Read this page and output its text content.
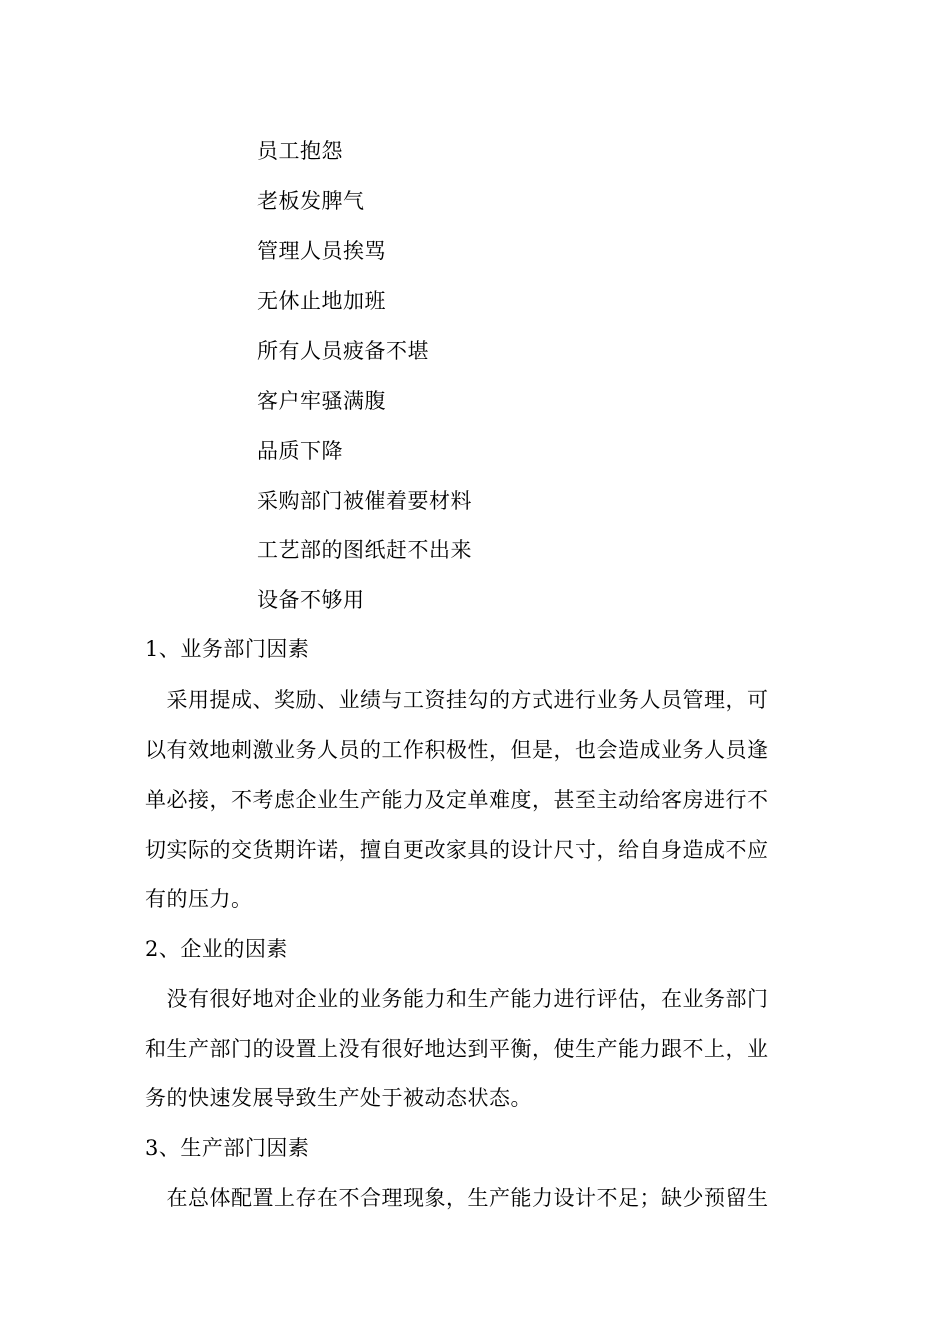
员工抱怨
老板发脾气
管理人员挨骂
无休止地加班
所有人员疲备不堪
客户牢骚满腹
品质下降
采购部门被催着要材料
工艺部的图纸赶不出来
设备不够用
1、业务部门因素
　采用提成、奖励、业绩与工资挂勾的方式进行业务人员管理，可
以有效地刺激业务人员的工作积极性，但是，也会造成业务人员逢
单必接，不考虑企业生产能力及定单难度，甚至主动给客房进行不
切实际的交货期许诺，擅自更改家具的设计尺寸，给自身造成不应
有的压力。
2、企业的因素
　没有很好地对企业的业务能力和生产能力进行评估，在业务部门
和生产部门的设置上没有很好地达到平衡，使生产能力跟不上，业
务的快速发展导致生产处于被动态状态。
3、生产部门因素
　在总体配置上存在不合理现象，生产能力设计不足；缺少预留生
